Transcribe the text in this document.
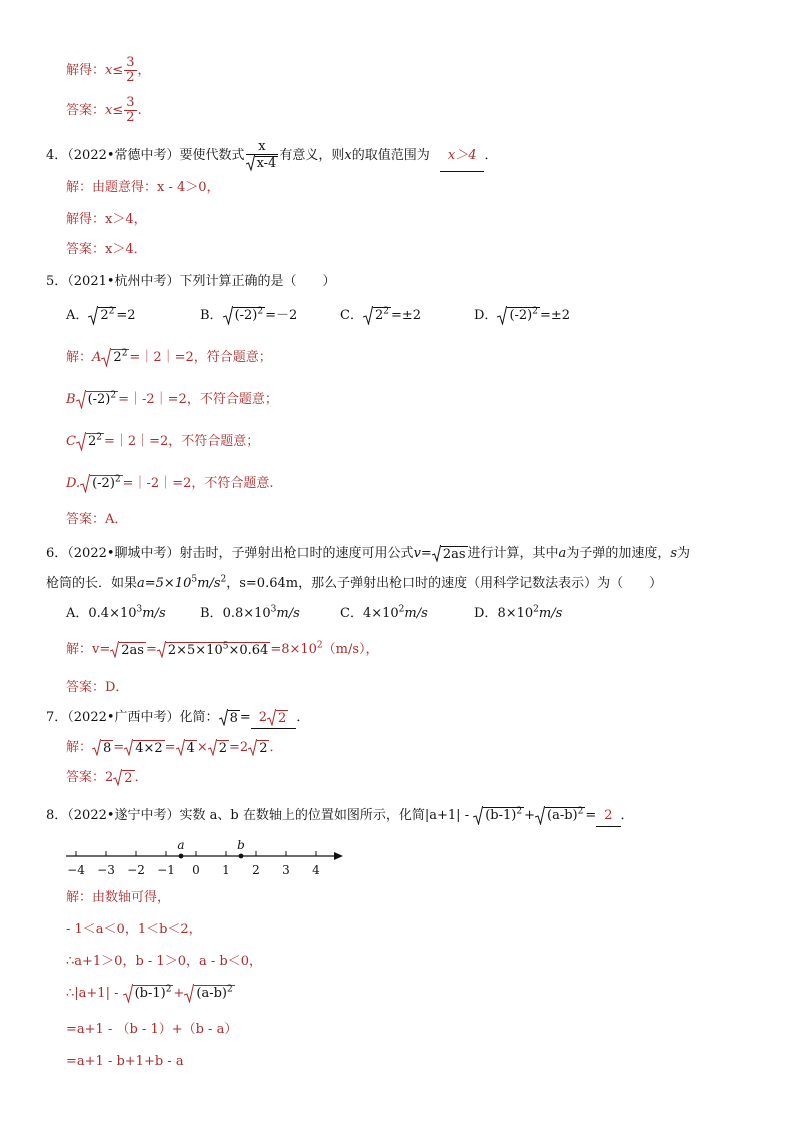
解得：$x\le \frac{3}{2}$ ，
答案：$x\le \frac{3}{2}$ .
4．（2022•常德中考）要使代数式 $\frac{x}{x-4}$ 有意义，则x的取值范围为 x＞4 ．
解：由题意得：x - 4＞0，
解得：x＞4，
答案：x＞4．
5．（2021•杭州中考）下列计算正确的是（　　）
A． $2^2 =2$	B． $(-2)^2 =-2$	C． $2^2 =\pm 2$	D． $(-2)^2 =\pm 2$
解：A $2^2$ =｜2｜=2，符合题意；
B $(-2)^2$ =｜-2｜=2，不符合题意；
C $2^2$ =｜2｜=2，不符合题意；
D. $(-2)^2$ =｜-2｜=2，不符合题意.
答案：A．
6．（2022•聊城中考）射击时，子弹射出枪口时的速度可用公式v= 2as 进行计算，其中a为子弹的加速度，s为
枪筒的长．如果$a=5\times 10^5m/s^2$，s=0.64m，那么子弹射出枪口时的速度（用科学记数法表示）为（　　）
A．$0.4\times 10^3m/s$	B．$0.8\times 10^3m/s$	C．$4\times 10^2m/s$	D．$8\times 10^2m/s$
解：$v= 2as = 2\times 5\times 10^5\times 0.64 =8\times 10^2(m/s)$，
答案：D．
7．（2022•广西中考）化简： 8 = 2 2 ．
解： 8 = 4×2 = 4 × 2 =2 2 ．
答案：2 2 ．
8．（2022•遂宁中考）实数 a、b 在数轴上的位置如图所示，化简$|a+1| - (b-1)^2 + (a-b)^2 = 2$ ．
−4 −3 −2 −1 0 1 2 3 4
a	b
解：由数轴可得，
- 1＜a＜0，1＜b＜2，
∴a+1＞0，b - 1＞0，a - b＜0，
∴|a+1| - $(b-1)^2 + (a-b)^2$
=a+1 - （b - 1）+（b - a）
=a+1 - b+1+b - a
